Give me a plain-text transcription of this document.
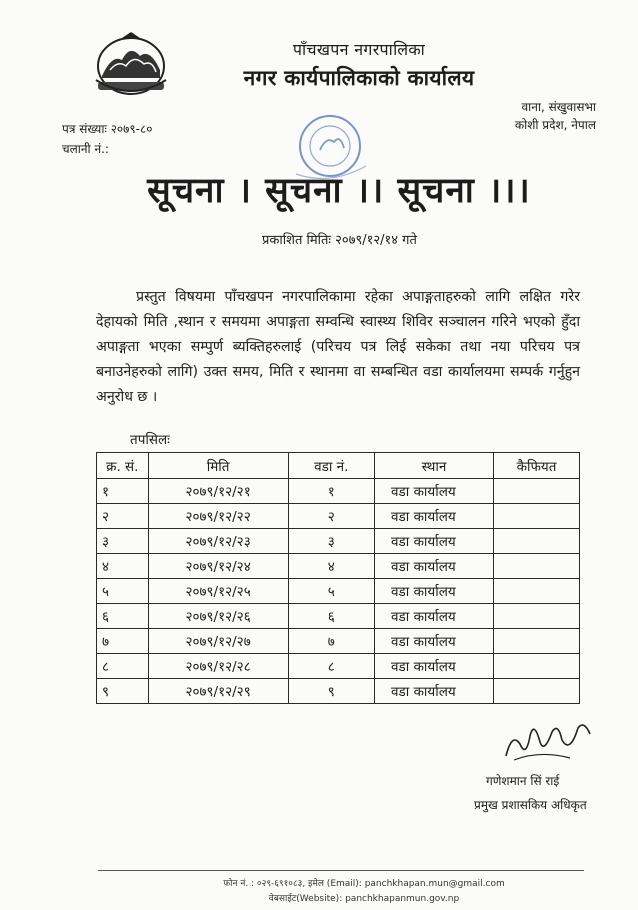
पाँचखपन नगरपालिका
नगर कार्यपालिकाको कार्यालय
वाना, संखुवासभा
कोशी प्रदेश, नेपाल
पत्र संख्याः २०७९-८०
चलानी नं.:
सूचना । सूचना ।। सूचना ।।।
प्रकाशित मितिः २०७९/१२/१४ गते

प्रस्तुत विषयमा पाँचखपन नगरपालिकामा रहेका अपाङ्गताहरुको लागि लक्षित गरेर देहायको मिति ,स्थान र समयमा अपाङ्गता सम्वन्धि स्वास्थ्य शिविर सञ्चालन गरिने भएको हुँदा अपाङ्गता भएका सम्पुर्ण ब्यक्तिहरुलाई (परिचय पत्र लिई सकेका तथा नया परिचय पत्र बनाउनेहरुको लागि) उक्त समय, मिति र स्थानमा वा सम्बन्धित वडा कार्यालयमा सम्पर्क गर्नुहुन अनुरोध छ ।

तपसिलः
क्र. सं.	मिति	वडा नं.	स्थान	कैफियत
१	२०७९/१२/२१	१	वडा कार्यालय	
२	२०७९/१२/२२	२	वडा कार्यालय	
३	२०७९/१२/२३	३	वडा कार्यालय	
४	२०७९/१२/२४	४	वडा कार्यालय	
५	२०७९/१२/२५	५	वडा कार्यालय	
६	२०७९/१२/२६	६	वडा कार्यालय	
७	२०७९/१२/२७	७	वडा कार्यालय	
८	२०७९/१२/२८	८	वडा कार्यालय	
९	२०७९/१२/२९	९	वडा कार्यालय	
गणेशमान सिं राई
प्रमुख प्रशासकिय अधिकृत
फोन नं. : ०२९-६९१०८३, इमेल (Email): panchkhapan.mun@gmail.com
वेबसाईट(Website): panchkhapanmun.gov.np
